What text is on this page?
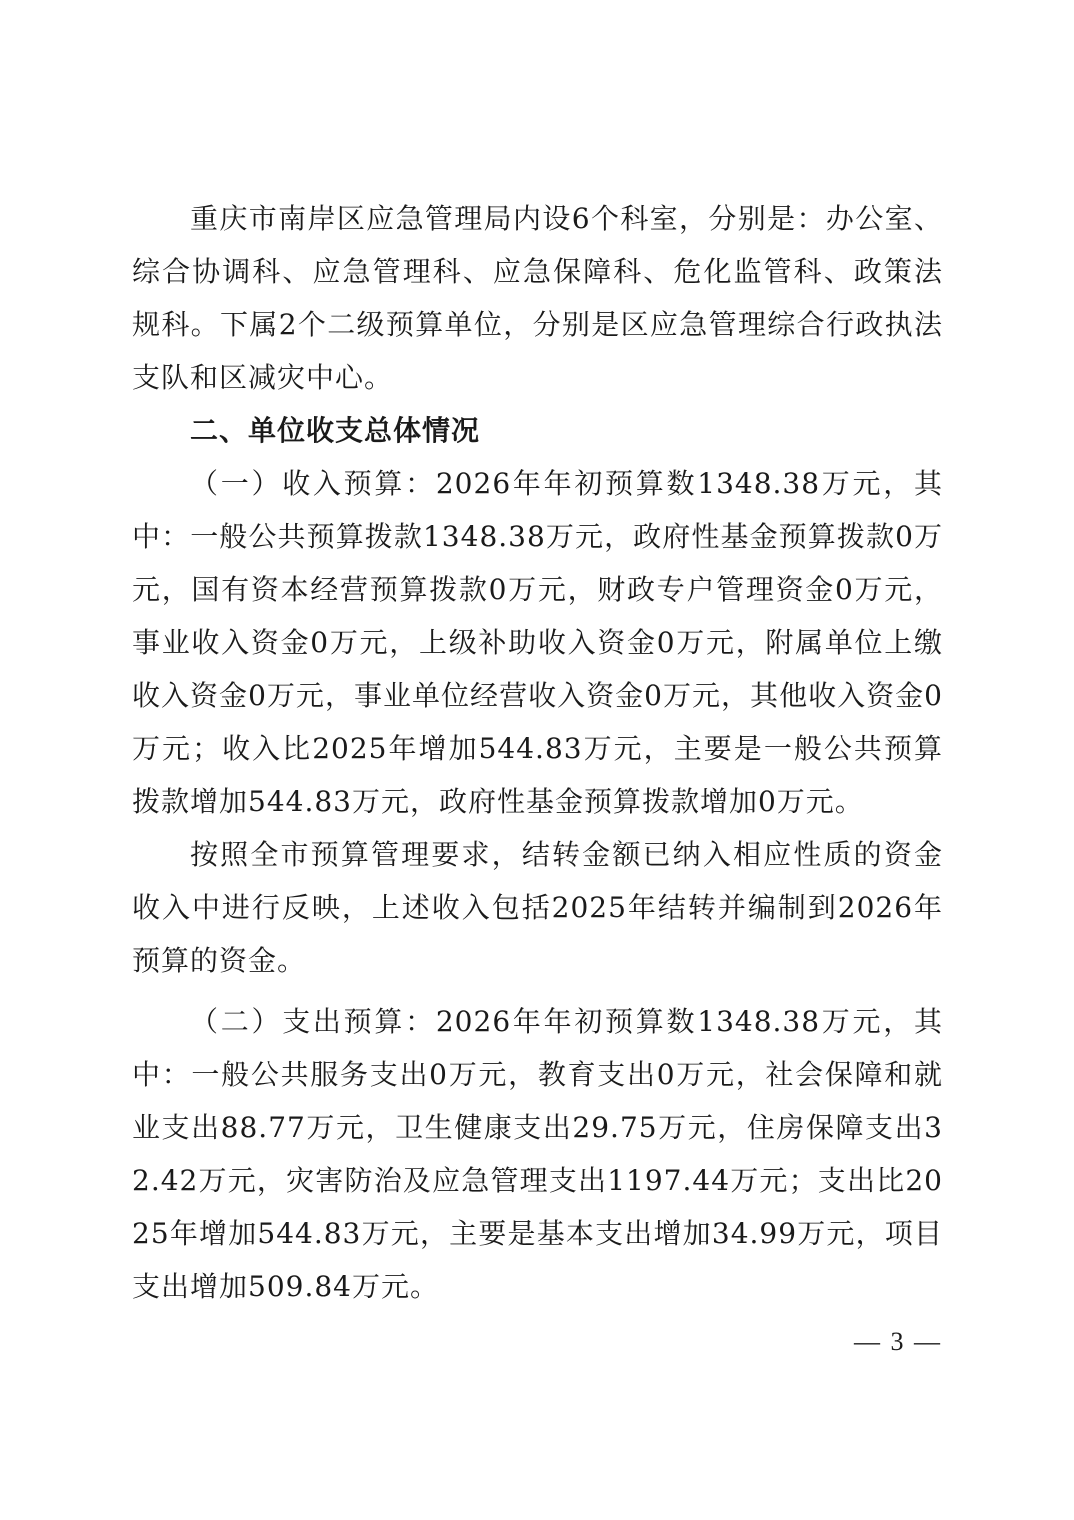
重庆市南岸区应急管理局内设6个科室，分别是：办公室、综合协调科、应急管理科、应急保障科、危化监管科、政策法规科。下属2个二级预算单位，分别是区应急管理综合行政执法支队和区减灾中心。

二、单位收支总体情况

（一）收入预算：2026年年初预算数1348.38万元，其中：一般公共预算拨款1348.38万元，政府性基金预算拨款0万元，国有资本经营预算拨款0万元，财政专户管理资金0万元，事业收入资金0万元，上级补助收入资金0万元，附属单位上缴收入资金0万元，事业单位经营收入资金0万元，其他收入资金0万元；收入比2025年增加544.83万元，主要是一般公共预算拨款增加544.83万元，政府性基金预算拨款增加0万元。

按照全市预算管理要求，结转金额已纳入相应性质的资金收入中进行反映，上述收入包括2025年结转并编制到2026年预算的资金。

（二）支出预算：2026年年初预算数1348.38万元，其中：一般公共服务支出0万元，教育支出0万元，社会保障和就业支出88.77万元，卫生健康支出29.75万元，住房保障支出32.42万元，灾害防治及应急管理支出1197.44万元；支出比2025年增加544.83万元，主要是基本支出增加34.99万元，项目支出增加509.84万元。

— 3 —
